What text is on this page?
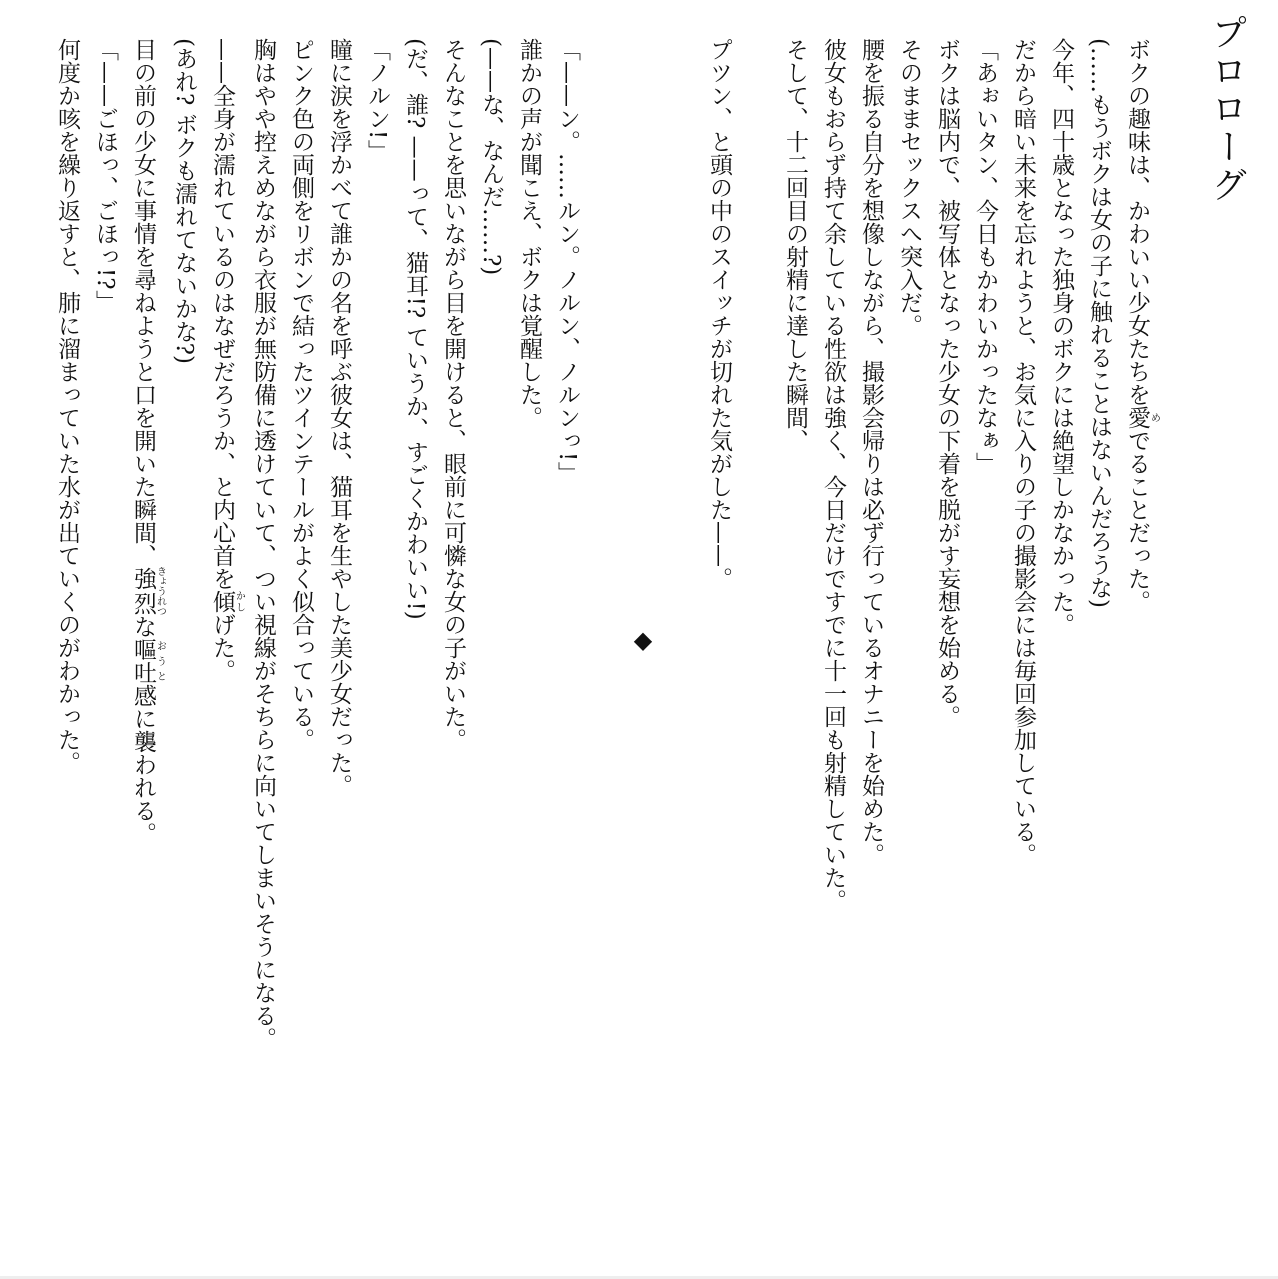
プロローグ

ボクの趣味は、かわいい少女たちを愛めでることだった。

(……もうボクは女の子に触れることはないんだろうな)

今年、四十歳となった独身のボクには絶望しかなかった。

だから暗い未来を忘れようと、お気に入りの子の撮影会には毎回参加している。

「あぉいタン、今日もかわいかったなぁ」

ボクは脳内で、被写体となった少女の下着を脱がす妄想を始める。

そのままセックスへ突入だ。

腰を振る自分を想像しながら、撮影会帰りは必ず行っているオナニーを始めた。

彼女もおらず持て余している性欲は強く、今日だけですでに十一回も射精していた。

そして、十二回目の射精に達した瞬間、

プツン、と頭の中のスイッチが切れた気がした——。

◆

「——ン。……ルン。ノルン、ノルンっ!」

誰かの声が聞こえ、ボクは覚醒した。

(——な、なんだ……?)

そんなことを思いながら目を開けると、眼前に可憐な女の子がいた。

(だ、誰? ——って、猫耳!? ていうか、すごくかわいい!)

「ノルン!」

瞳に涙を浮かべて誰かの名を呼ぶ彼女は、猫耳を生やした美少女だった。

ピンク色の両側をリボンで結ったツインテールがよく似合っている。

胸はやや控えめながら衣服が無防備に透けていて、つい視線がそちらに向いてしまいそうになる。

——全身が濡れているのはなぜだろうか、と内心首を傾かしげた。

(あれ? ボクも濡れてないかな?)

目の前の少女に事情を尋ねようと口を開いた瞬間、強烈きょうれつな嘔吐おうと感に襲われる。

「——ごほっ、ごほっ!?」

何度か咳を繰り返すと、肺に溜まっていた水が出ていくのがわかった。
